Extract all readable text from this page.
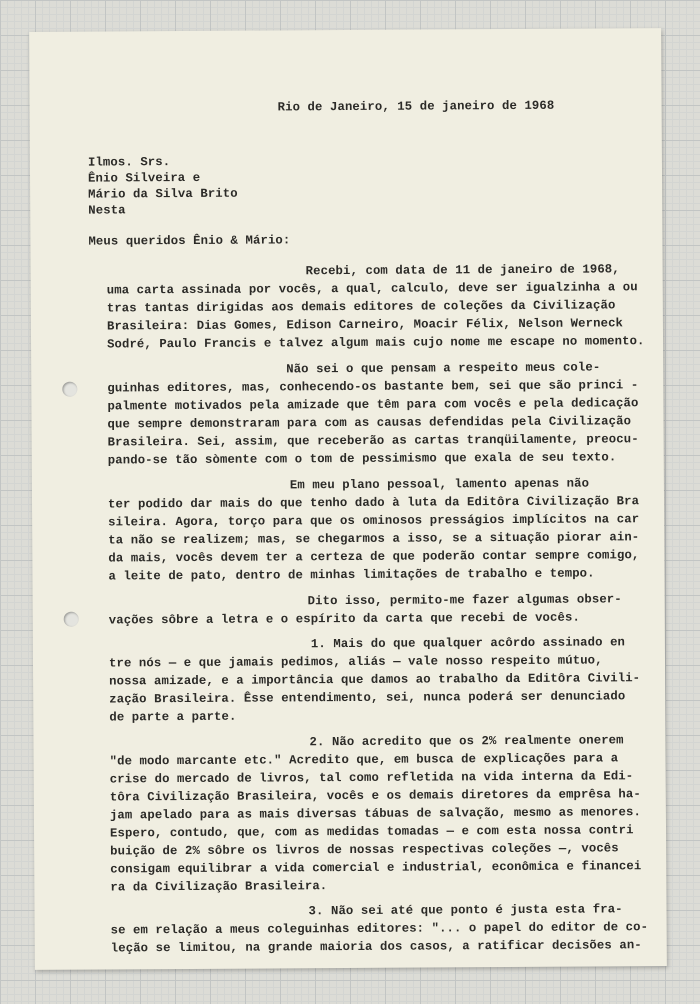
Rio de Janeiro, 15 de janeiro de 1968
Ilmos. Srs.
Ênio Silveira e
Mário da Silva Brito
Nesta
Meus queridos Ênio & Mário:
Recebi, com data de 11 de janeiro de 1968,
uma carta assinada por vocês, a qual, calculo, deve ser igualzinha a ou
tras tantas dirigidas aos demais editores de coleções da Civilização
Brasileira: Dias Gomes, Edison Carneiro, Moacir Félix, Nelson Werneck
Sodré, Paulo Francis e talvez algum mais cujo nome me escape no momento.
Não sei o que pensam a respeito meus cole-
guinhas editores, mas, conhecendo-os bastante bem, sei que são princi -
palmente motivados pela amizade que têm para com vocês e pela dedicação
que sempre demonstraram para com as causas defendidas pela Civilização
Brasileira. Sei, assim, que receberão as cartas tranqüilamente, preocu-
pando-se tão sòmente com o tom de pessimismo que exala de seu texto.
Em meu plano pessoal, lamento apenas não
ter podido dar mais do que tenho dado à luta da Editôra Civilização Bra
sileira. Agora, torço para que os ominosos presságios implícitos na car
ta não se realizem; mas, se chegarmos a isso, se a situação piorar ain-
da mais, vocês devem ter a certeza de que poderão contar sempre comigo,
a leite de pato, dentro de minhas limitações de trabalho e tempo.
Dito isso, permito-me fazer algumas obser-
vações sôbre a letra e o espírito da carta que recebi de vocês.
1. Mais do que qualquer acôrdo assinado en
tre nós — e que jamais pedimos, aliás — vale nosso respeito mútuo,
nossa amizade, e a importância que damos ao trabalho da Editôra Civili-
zação Brasileira. Êsse entendimento, sei, nunca poderá ser denunciado
de parte a parte.
2. Não acredito que os 2% realmente onerem
"de modo marcante etc." Acredito que, em busca de explicações para a
crise do mercado de livros, tal como refletida na vida interna da Edi-
tôra Civilização Brasileira, vocês e os demais diretores da emprêsa ha-
jam apelado para as mais diversas tábuas de salvação, mesmo as menores.
Espero, contudo, que, com as medidas tomadas — e com esta nossa contri
buição de 2% sôbre os livros de nossas respectivas coleções —, vocês
consigam equilibrar a vida comercial e industrial, econômica e financei
ra da Civilização Brasileira.
3. Não sei até que ponto é justa esta fra-
se em relação a meus coleguinhas editores: "... o papel do editor de co-
leção se limitou, na grande maioria dos casos, a ratificar decisões an-
